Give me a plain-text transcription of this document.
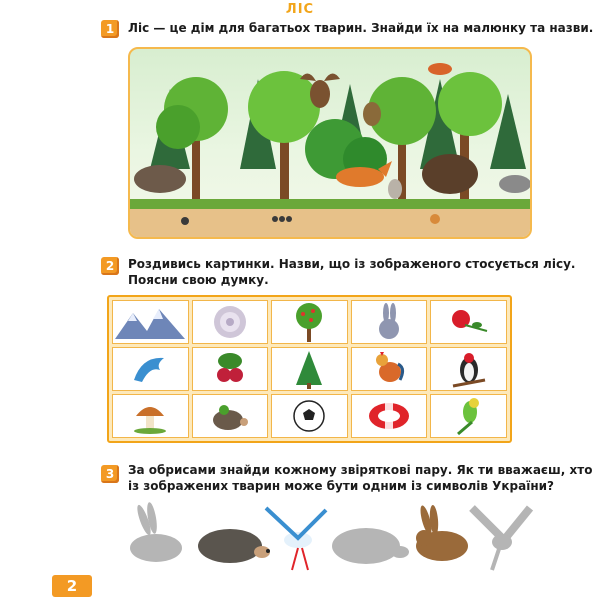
ЛІС
1	Ліс — це дім для багатьох тварин. Знайди їх на малюнку та назви.
2	Роздивись картинки. Назви, що із зображеного стосується лісу.
Поясни свою думку.
3	За обрисами знайди кожному звіряткові пару. Як ти вважаєш, хто
із зображених тварин може бути одним із символів України?
2
